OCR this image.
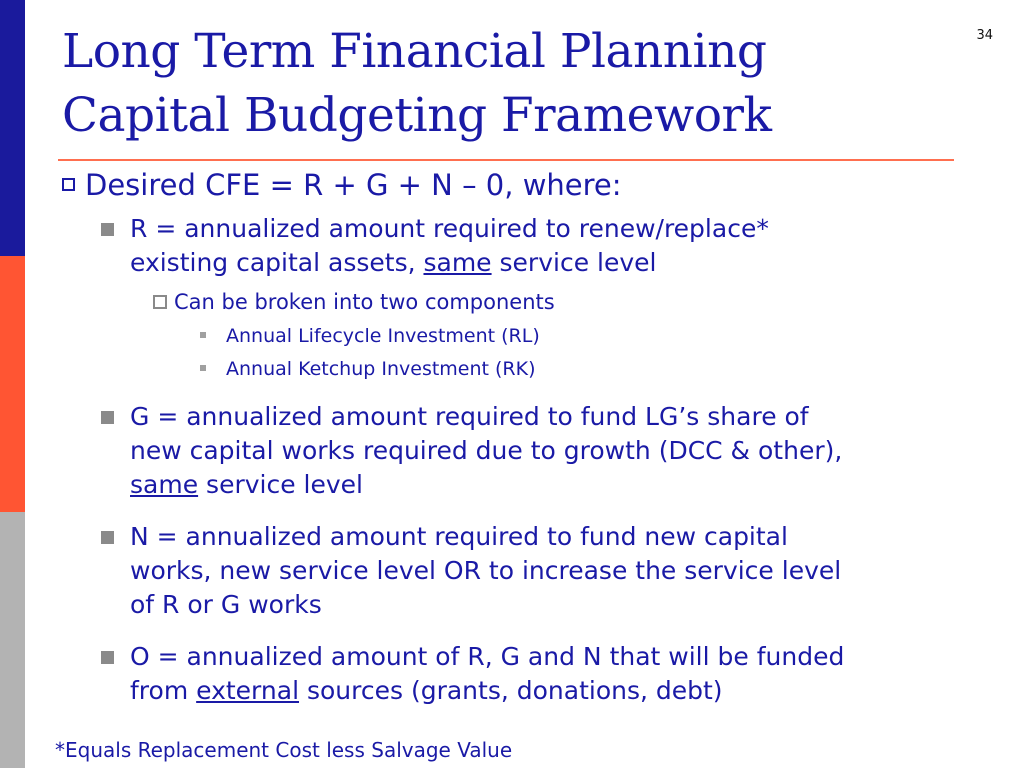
34
Long Term Financial Planning
Capital Budgeting Framework
Desired CFE = R + G + N – 0, where:
R = annualized amount required to renew/replace*
existing capital assets, same service level
Can be broken into two components
Annual Lifecycle Investment (RL)
Annual Ketchup Investment (RK)
G = annualized amount required to fund LG’s share of
new capital works required due to growth (DCC & other),
same service level
N = annualized amount required to fund new capital
works, new service level OR to increase the service level
of R or G works
O = annualized amount of R, G and N that will be funded
from external sources (grants, donations, debt)
*Equals Replacement Cost less Salvage Value
